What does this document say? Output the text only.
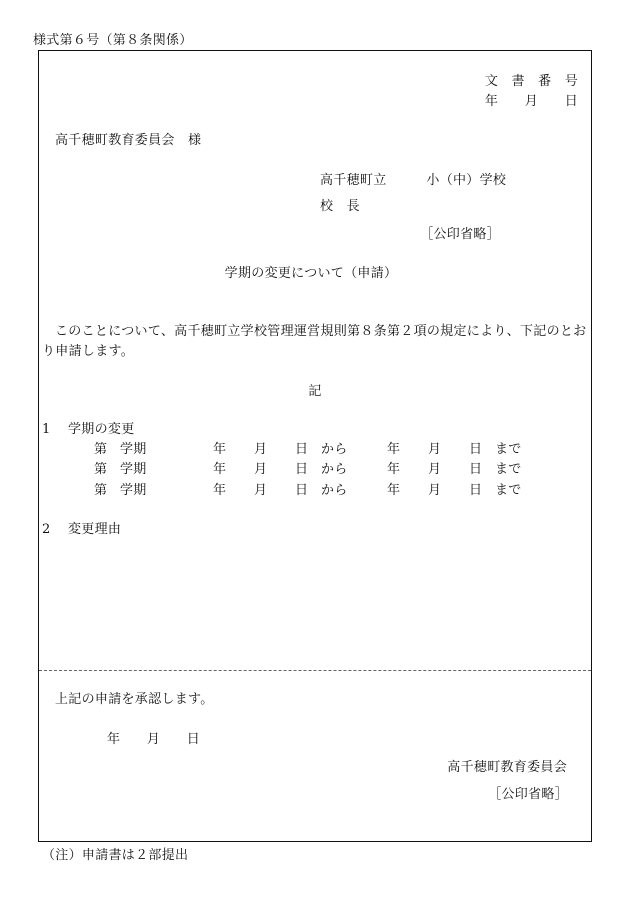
様式第６号（第８条関係）
文　書　番　号
年　　月　　日
高千穂町教育委員会　様
高千穂町立　　　小（中）学校
校　長
［公印省略］
学期の変更について（申請）
このことについて、高千穂町立学校管理運営規則第８条第２項の規定により、下記のとおり申請します。
記
1 学期の変更
第 学期	年 月 日 から	年 月 日 まで
第 学期	年 月 日 から	年 月 日 まで
第 学期	年 月 日 から	年 月 日 まで
2 変更理由
上記の申請を承認します。
年　　月　　日
高千穂町教育委員会
［公印省略］
（注）申請書は２部提出
